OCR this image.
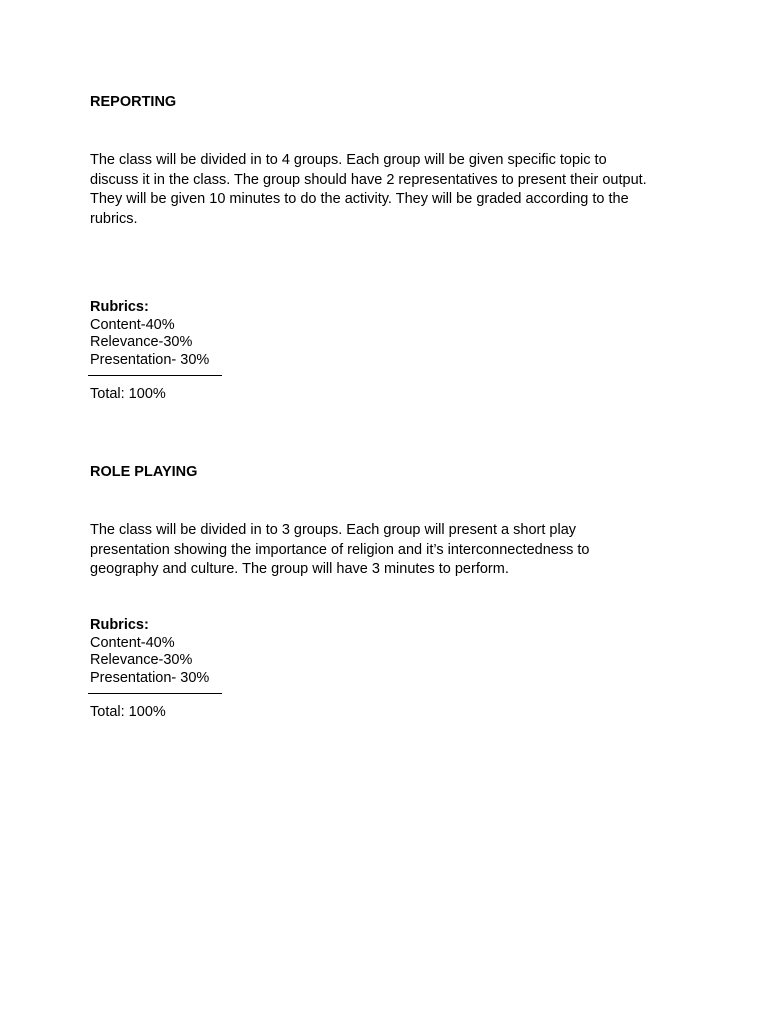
REPORTING
The class will be divided in to 4 groups. Each group will be given specific topic to
discuss it in the class. The group should have 2 representatives to present their output.
They will be given 10 minutes to do the activity. They will be graded according to the
rubrics.
Rubrics:
Content-40%
Relevance-30%
Presentation- 30%
Total: 100%
ROLE PLAYING
The class will be divided in to 3 groups. Each group will present a short play
presentation showing the importance of religion and it’s interconnectedness to
geography and culture. The group will have 3 minutes to perform.
Rubrics:
Content-40%
Relevance-30%
Presentation- 30%
Total: 100%
